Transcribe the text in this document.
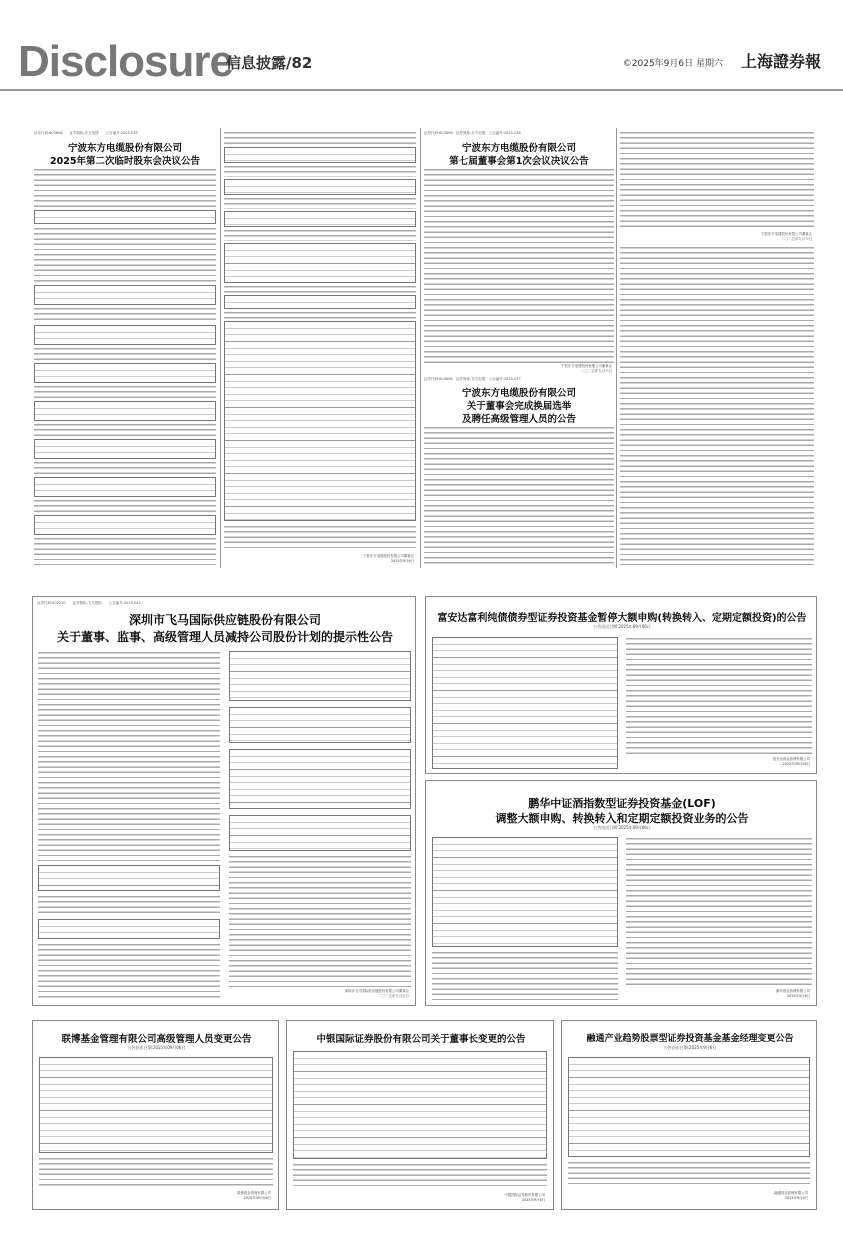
Disclosure
信息披露/82	©2025年9月6日 星期六 上海證券報
证券代码:603606　　证券简称:东方电缆　　公告编号:2025-035
宁波东方电缆股份有限公司
2025年第二次临时股东会决议公告
宁波东方电缆股份有限公司董事会
2025年9月6日
证券代码:603606　证券简称:东方电缆　公告编号:2025-036
宁波东方电缆股份有限公司
第七届董事会第1次会议决议公告
宁波东方电缆股份有限公司董事会
二〇二五年九月六日
证券代码:603606　证券简称:东方电缆　公告编号:2025-037
宁波东方电缆股份有限公司
关于董事会完成换届选举
及聘任高级管理人员的公告
宁波东方电缆股份有限公司董事会
二〇二五年九月六日
证券代码:002210　　证券简称:飞马国际　　公告编号:2025-042
深圳市飞马国际供应链股份有限公司
关于董事、监事、高级管理人员减持公司股份计划的提示性公告
深圳市飞马国际供应链股份有限公司董事会
二〇二五年九月五日
富安达富利纯债债券型证券投资基金暂停大额申购(转换转入、定期定额投资)的公告
公告送出日期:2025年09月06日
富安达基金管理有限公司
2025年09月06日
鹏华中证酒指数型证券投资基金(LOF)
调整大额申购、转换转入和定期定额投资业务的公告
公告送出日期:2025年09月06日
鹏华基金管理有限公司
2025年9月6日
联博基金管理有限公司高级管理人员变更公告
公告送出日期:2025年09月06日
联博基金管理有限公司
2025年09月06日
中银国际证券股份有限公司关于董事长变更的公告
中银国际证券股份有限公司
2025年9月6日
融通产业趋势股票型证券投资基金基金经理变更公告
公告送出日期:2025年9月6日
融通基金管理有限公司
2025年9月6日
